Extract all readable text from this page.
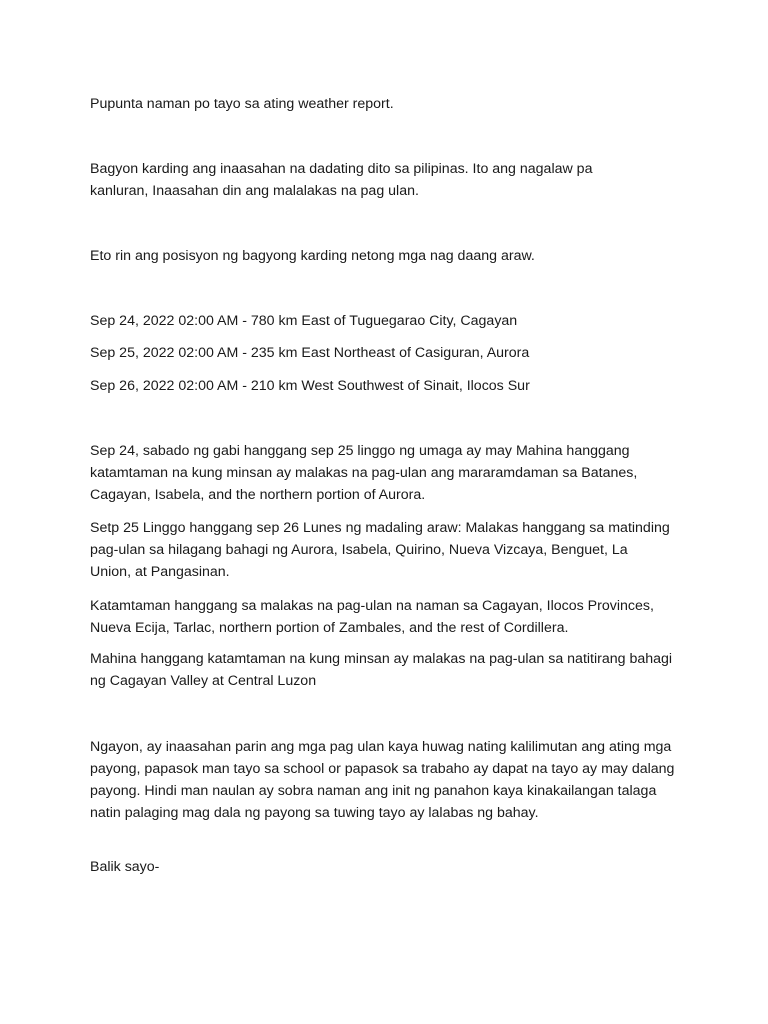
Pupunta naman po tayo sa ating weather report.

Bagyon karding ang inaasahan na dadating dito sa pilipinas. Ito ang nagalaw pa kanluran, Inaasahan din ang malalakas na pag ulan.

Eto rin ang posisyon ng bagyong karding netong mga nag daang araw.

Sep 24, 2022 02:00 AM - 780 km East of Tuguegarao City, Cagayan

Sep 25, 2022 02:00 AM - 235 km East Northeast of Casiguran, Aurora

Sep 26, 2022 02:00 AM - 210 km West Southwest of Sinait, Ilocos Sur

Sep 24, sabado ng gabi hanggang sep 25 linggo ng umaga ay may Mahina hanggang katamtaman na kung minsan ay malakas na pag-ulan ang mararamdaman sa Batanes, Cagayan, Isabela, and the northern portion of Aurora.

Setp 25 Linggo hanggang sep 26 Lunes ng madaling araw: Malakas hanggang sa matinding pag-ulan sa hilagang bahagi ng Aurora, Isabela, Quirino, Nueva Vizcaya, Benguet, La Union, at Pangasinan.

Katamtaman hanggang sa malakas na pag-ulan na naman sa Cagayan, Ilocos Provinces, Nueva Ecija, Tarlac, northern portion of Zambales, and the rest of Cordillera.

Mahina hanggang katamtaman na kung minsan ay malakas na pag-ulan sa natitirang bahagi ng Cagayan Valley at Central Luzon

Ngayon, ay inaasahan parin ang mga pag ulan kaya huwag nating kalilimutan ang ating mga payong, papasok man tayo sa school or papasok sa trabaho ay dapat na tayo ay may dalang payong. Hindi man naulan ay sobra naman ang init ng panahon kaya kinakailangan talaga natin palaging mag dala ng payong sa tuwing tayo ay lalabas ng bahay.

Balik sayo-
